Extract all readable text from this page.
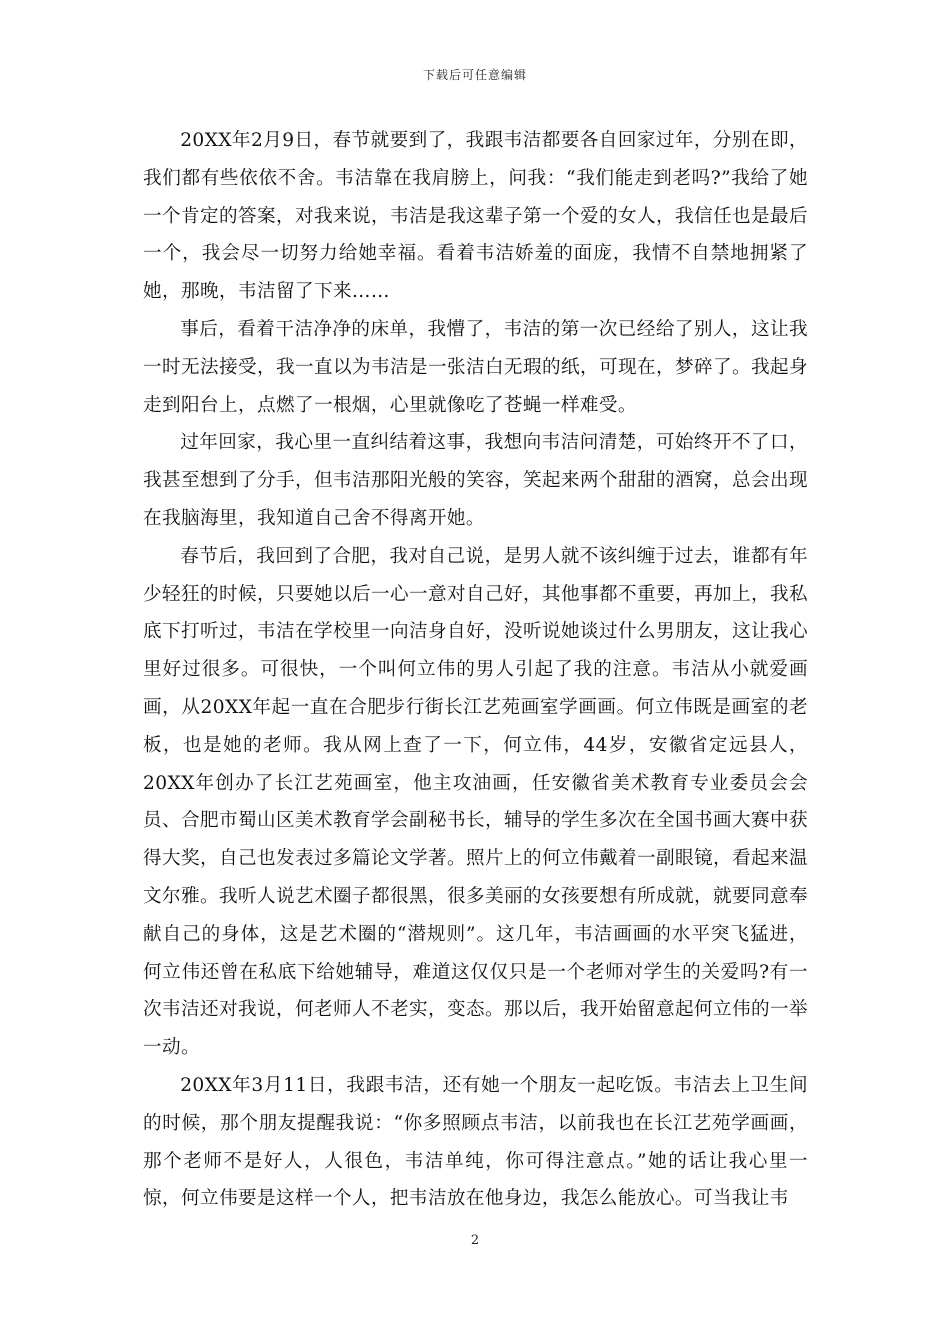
下载后可任意编辑

20XX年2月9日，春节就要到了，我跟韦洁都要各自回家过年，分别在即，我们都有些依依不舍。韦洁靠在我肩膀上，问我：“我们能走到老吗?”我给了她一个肯定的答案，对我来说，韦洁是我这辈子第一个爱的女人，我信任也是最后一个，我会尽一切努力给她幸福。看着韦洁娇羞的面庞，我情不自禁地拥紧了她，那晚，韦洁留了下来……

事后，看着干洁净净的床单，我懵了，韦洁的第一次已经给了别人，这让我一时无法接受，我一直以为韦洁是一张洁白无瑕的纸，可现在，梦碎了。我起身走到阳台上，点燃了一根烟，心里就像吃了苍蝇一样难受。

过年回家，我心里一直纠结着这事，我想向韦洁问清楚，可始终开不了口，我甚至想到了分手，但韦洁那阳光般的笑容，笑起来两个甜甜的酒窝，总会出现在我脑海里，我知道自己舍不得离开她。

春节后，我回到了合肥，我对自己说，是男人就不该纠缠于过去，谁都有年少轻狂的时候，只要她以后一心一意对自己好，其他事都不重要，再加上，我私底下打听过，韦洁在学校里一向洁身自好，没听说她谈过什么男朋友，这让我心里好过很多。可很快，一个叫何立伟的男人引起了我的注意。韦洁从小就爱画画，从20XX年起一直在合肥步行街长江艺苑画室学画画。何立伟既是画室的老板，也是她的老师。我从网上查了一下，何立伟，44岁，安徽省定远县人，20XX年创办了长江艺苑画室，他主攻油画，任安徽省美术教育专业委员会会员、合肥市蜀山区美术教育学会副秘书长，辅导的学生多次在全国书画大赛中获得大奖，自己也发表过多篇论文学著。照片上的何立伟戴着一副眼镜，看起来温文尔雅。我听人说艺术圈子都很黑，很多美丽的女孩要想有所成就，就要同意奉献自己的身体，这是艺术圈的“潜规则”。这几年，韦洁画画的水平突飞猛进，何立伟还曾在私底下给她辅导，难道这仅仅只是一个老师对学生的关爱吗?有一次韦洁还对我说，何老师人不老实，变态。那以后，我开始留意起何立伟的一举一动。

20XX年3月11日，我跟韦洁，还有她一个朋友一起吃饭。韦洁去上卫生间的时候，那个朋友提醒我说：“你多照顾点韦洁，以前我也在长江艺苑学画画，那个老师不是好人，人很色，韦洁单纯，你可得注意点。”她的话让我心里一惊，何立伟要是这样一个人，把韦洁放在他身边，我怎么能放心。可当我让韦

2
